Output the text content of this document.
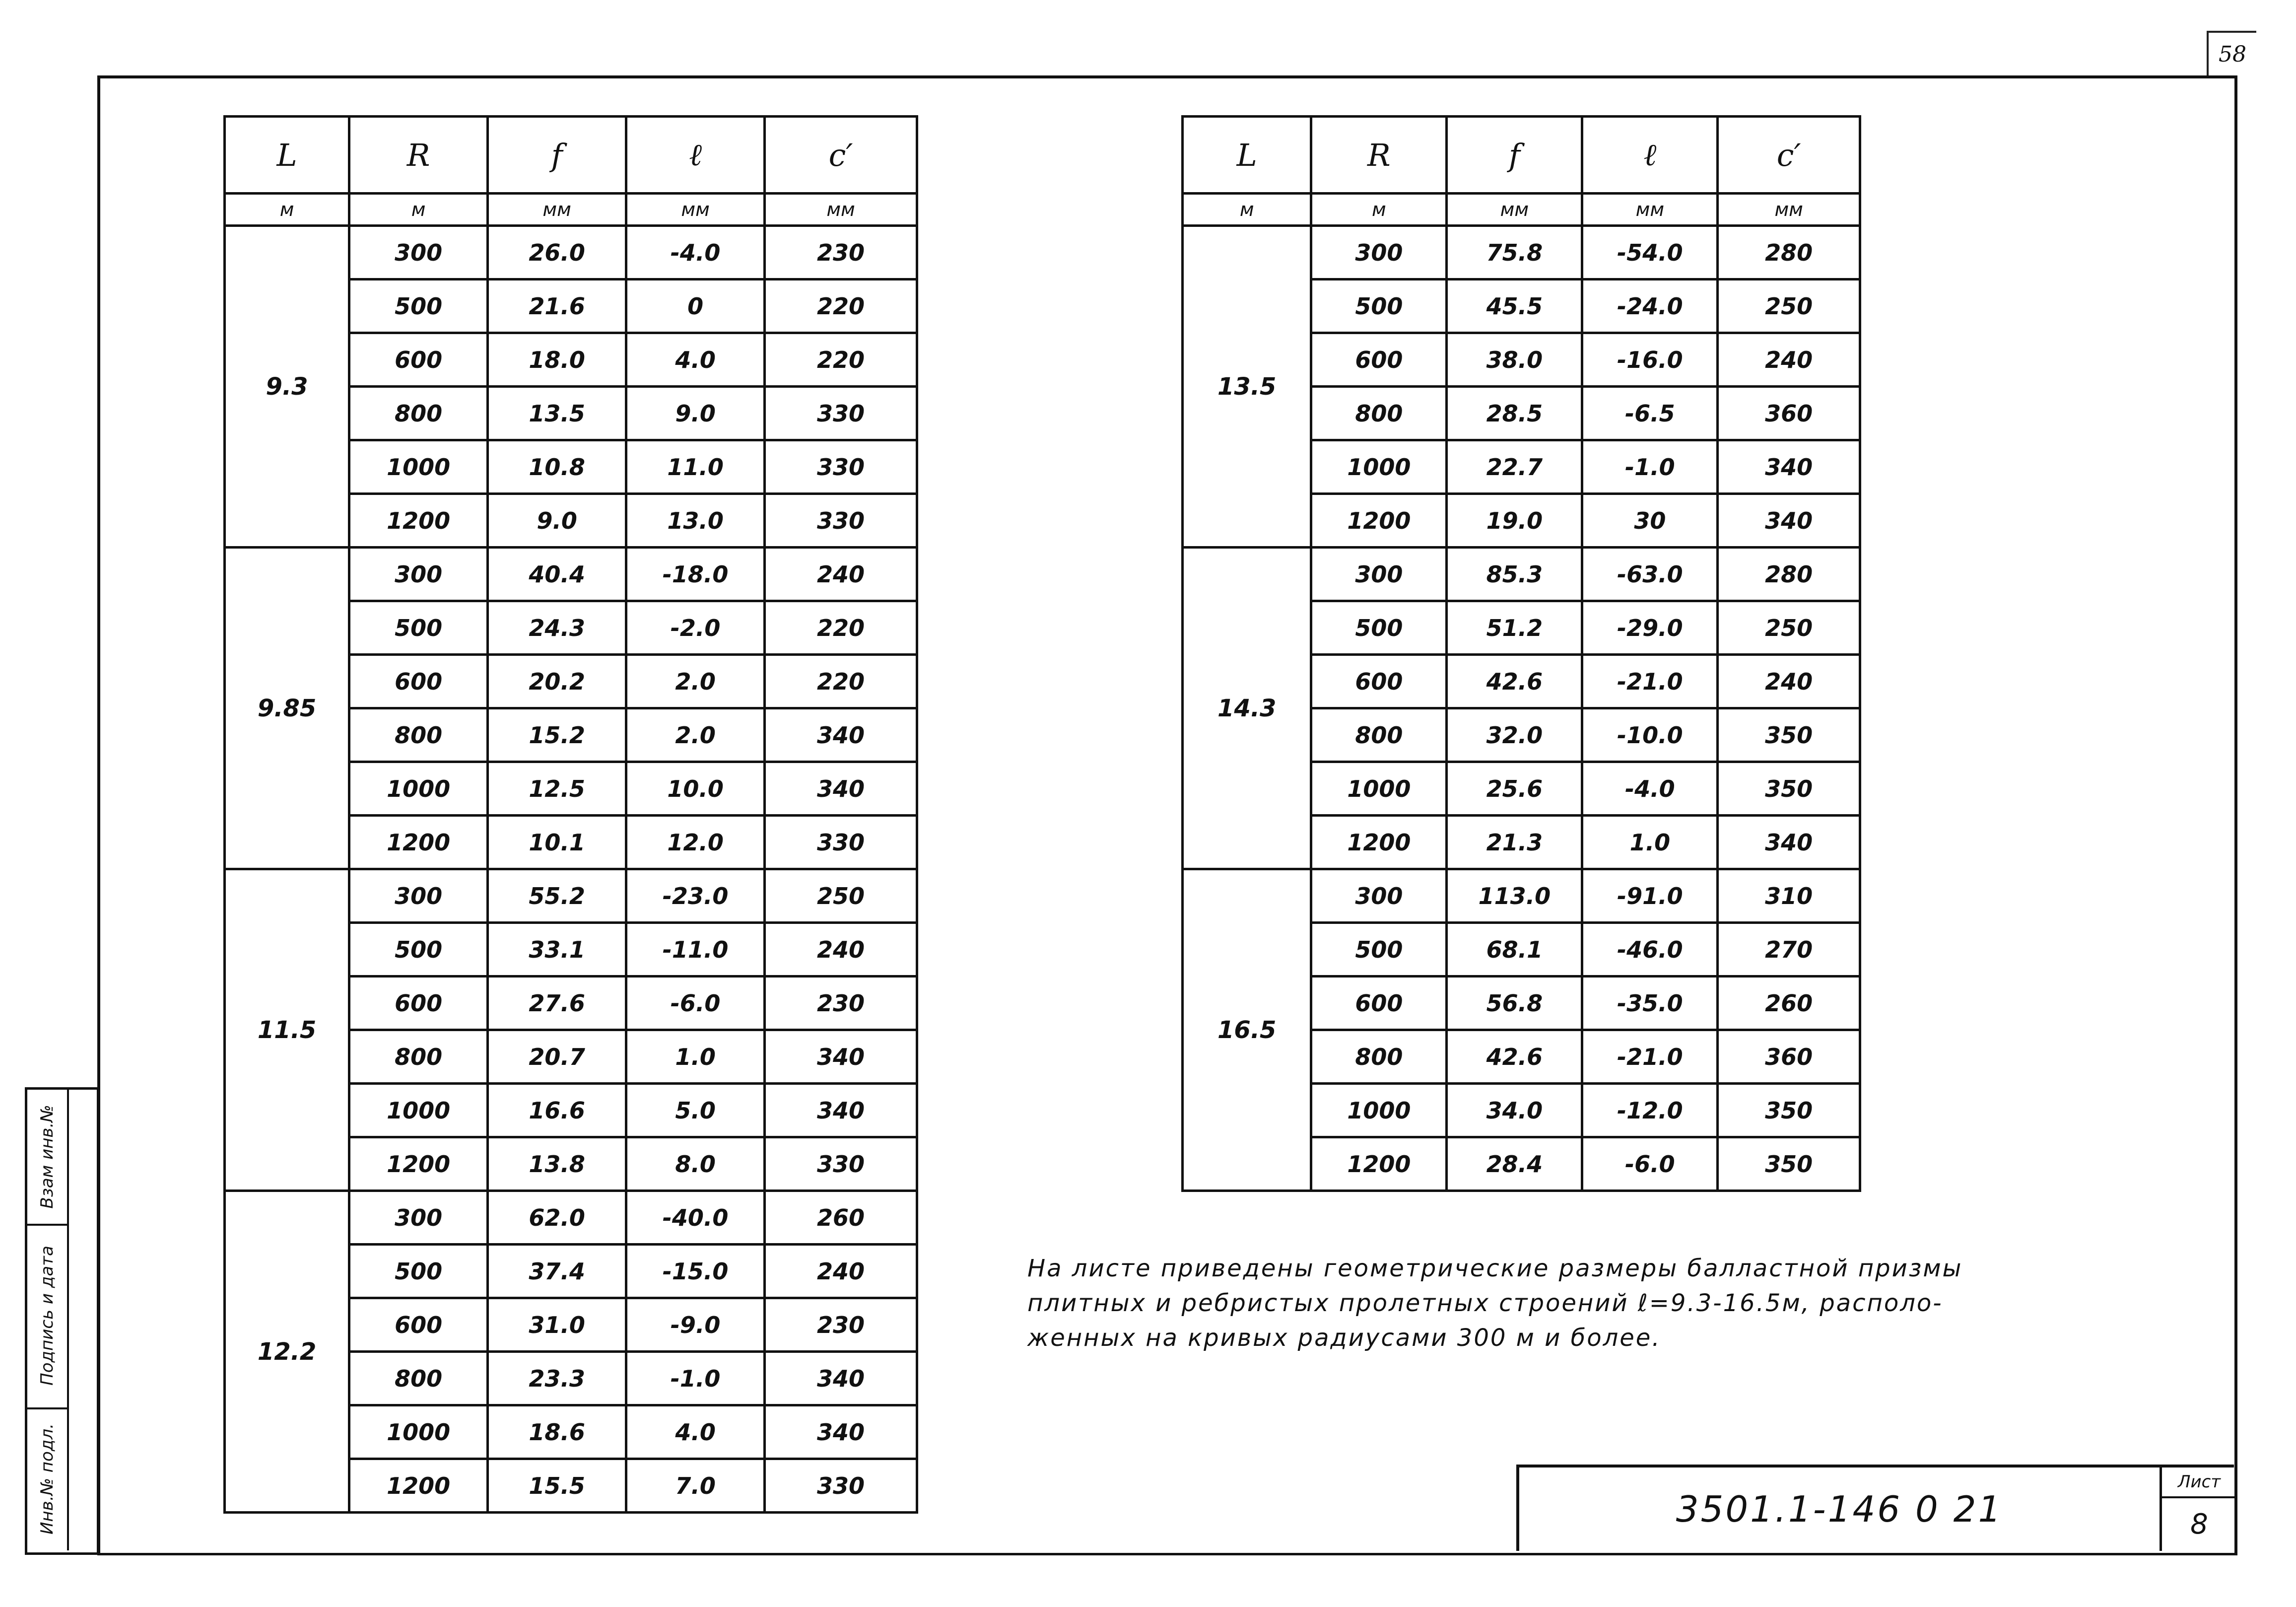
58
L	R	f	ℓ	c′
м	м	мм	мм	мм
9.3	300	26.0	-4.0	230
	500	21.6	0	220
	600	18.0	4.0	220
	800	13.5	9.0	330
	1000	10.8	11.0	330
	1200	9.0	13.0	330
9.85	300	40.4	-18.0	240
	500	24.3	-2.0	220
	600	20.2	2.0	220
	800	15.2	2.0	340
	1000	12.5	10.0	340
	1200	10.1	12.0	330
11.5	300	55.2	-23.0	250
	500	33.1	-11.0	240
	600	27.6	-6.0	230
	800	20.7	1.0	340
	1000	16.6	5.0	340
	1200	13.8	8.0	330
12.2	300	62.0	-40.0	260
	500	37.4	-15.0	240
	600	31.0	-9.0	230
	800	23.3	-1.0	340
	1000	18.6	4.0	340
	1200	15.5	7.0	330
L	R	f	ℓ	c′
м	м	мм	мм	мм
13.5	300	75.8	-54.0	280
	500	45.5	-24.0	250
	600	38.0	-16.0	240
	800	28.5	-6.5	360
	1000	22.7	-1.0	340
	1200	19.0	30	340
14.3	300	85.3	-63.0	280
	500	51.2	-29.0	250
	600	42.6	-21.0	240
	800	32.0	-10.0	350
	1000	25.6	-4.0	350
	1200	21.3	1.0	340
16.5	300	113.0	-91.0	310
	500	68.1	-46.0	270
	600	56.8	-35.0	260
	800	42.6	-21.0	360
	1000	34.0	-12.0	350
	1200	28.4	-6.0	350
На листе приведены геометрические размеры балластной призмы
плитных и ребристых пролетных строений ℓ=9.3-16.5м, располо-
женных на кривых радиусами 300 м и более.
3501.1-146 0 21
Лист
8
Взам инв.№
Подпись и дата
Инв.№ подл.
